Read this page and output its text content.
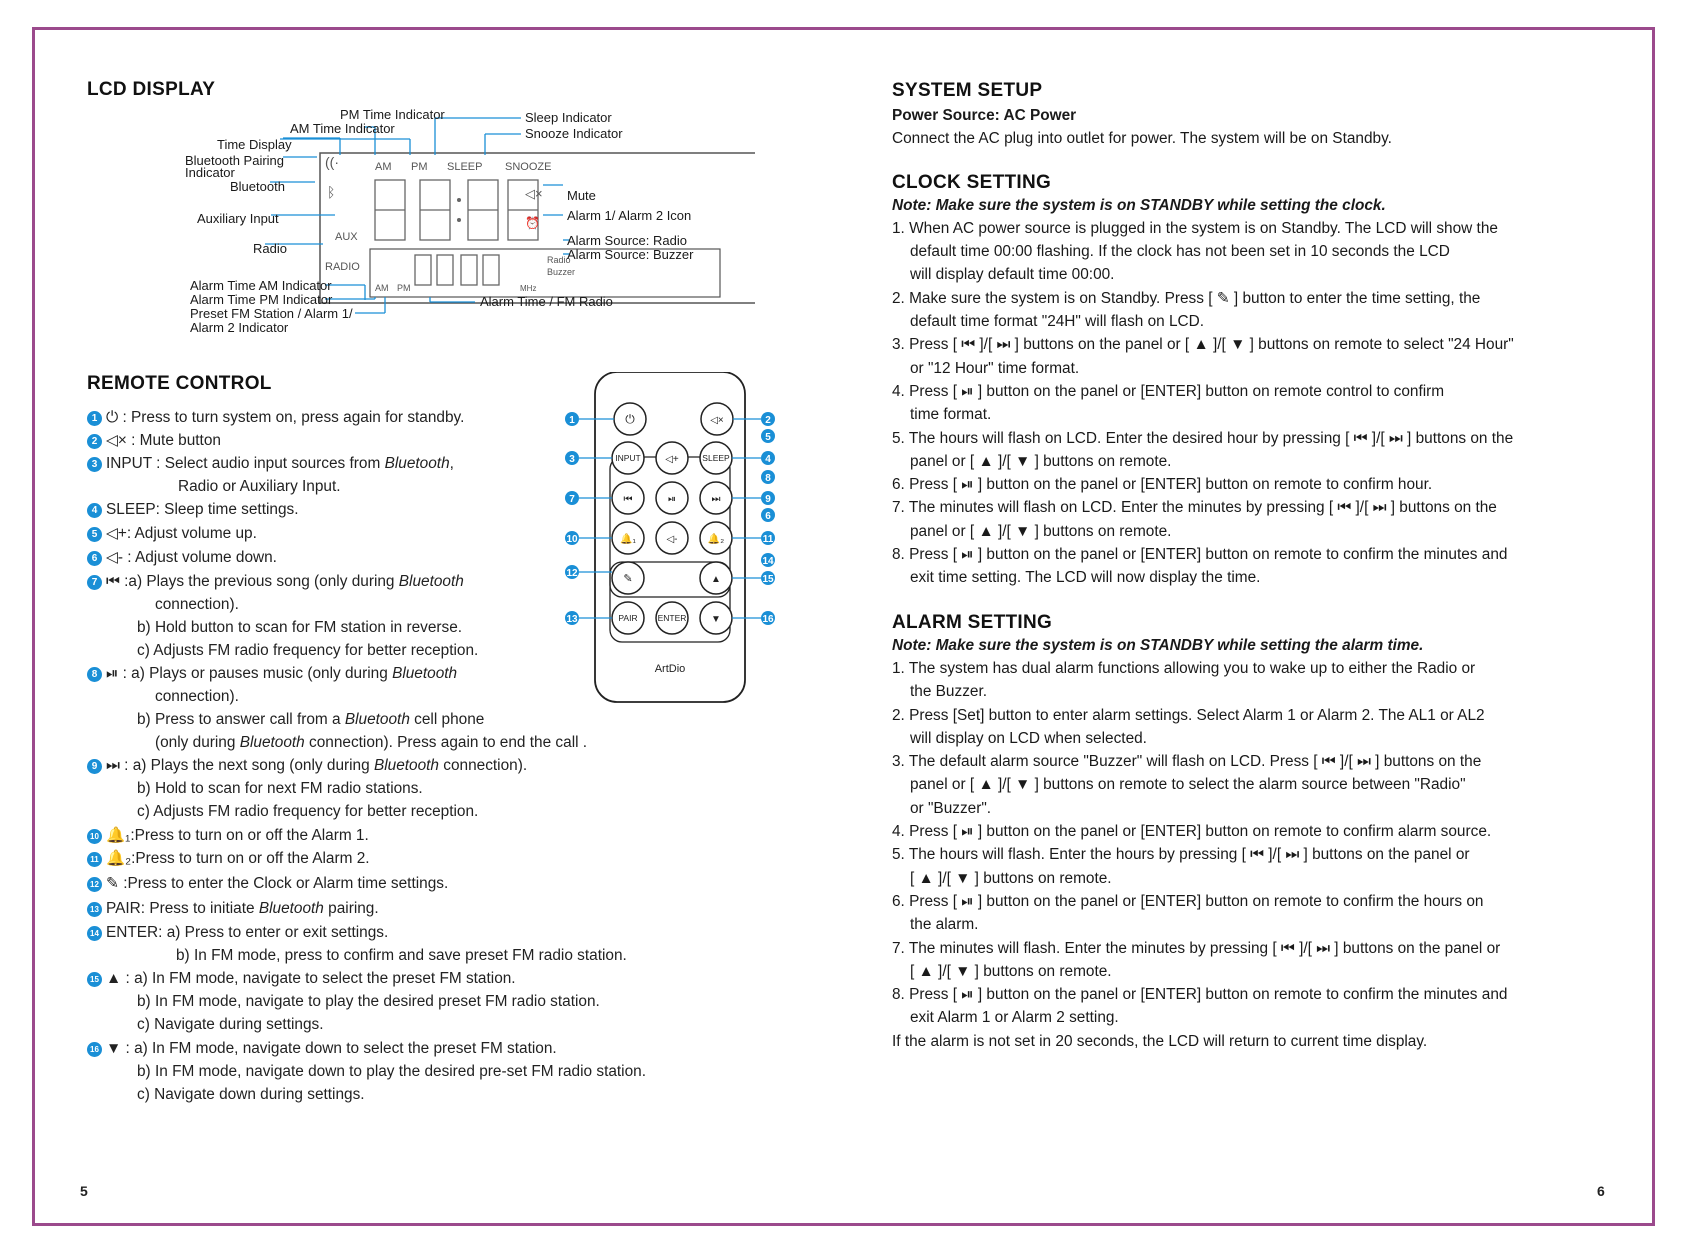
LCD DISPLAY
AM PM SLEEP SNOOZE
AUX
RADIO
Radio
Buzzer
MHz
AM PM
((·
ᛒ	◁×
⏰
PM Time Indicator
AM Time Indicator
Time Display
Bluetooth Pairing
Indicator
Bluetooth
Auxiliary Input
Radio
Sleep Indicator
Snooze Indicator
Mute
Alarm 1/ Alarm 2 Icon
Alarm Source: Radio
Alarm Source: Buzzer
Alarm Time AM Indicator
Alarm Time PM Indicator
Preset FM Station / Alarm 1/
Alarm 2 Indicator
Alarm Time / FM Radio
REMOTE CONTROL
⏻	◁×
INPUT ◁+	SLEEP
⏮	⏯	⏭
🔔₁	◁-	🔔₂
✎	▲
PAIR ENTER ▼
ArtDio
1	2
5
3	4
8
7	9
6
10	11
12
14
15
13	16
1 ⏻ : Press to turn system on, press again for standby.
2 ◁× : Mute button
3 INPUT : Select audio input sources from Bluetooth,
Radio or Auxiliary Input.
4 SLEEP: Sleep time settings.
5 ◁+: Adjust volume up.
6 ◁- : Adjust volume down.
7 ⏮ :a) Plays the previous song (only during Bluetooth
connection).
b) Hold button to scan for FM station in reverse.
c) Adjusts FM radio frequency for better reception.
8 ⏯ : a) Plays or pauses music (only during Bluetooth
connection).
b) Press to answer call from a Bluetooth cell phone
(only during Bluetooth connection). Press again to end the call .
9 ⏭ : a) Plays the next song (only during Bluetooth connection).
b) Hold to scan for next FM radio stations.
c) Adjusts FM radio frequency for better reception.
10 🔔₁:Press to turn on or off the Alarm 1.
11 🔔₂:Press to turn on or off the Alarm 2.
12 ✎ :Press to enter the Clock or Alarm time settings.
13 PAIR: Press to initiate Bluetooth pairing.
14 ENTER: a) Press to enter or exit settings.
b) In FM mode, press to confirm and save preset FM radio station.
15 ▲ : a) In FM mode, navigate to select the preset FM station.
b) In FM mode, navigate to play the desired preset FM radio station.
c) Navigate during settings.
16 ▼ : a) In FM mode, navigate down to select the preset FM station.
b) In FM mode, navigate down to play the desired pre-set FM radio station.
c) Navigate down during settings.
5
SYSTEM SETUP
Power Source: AC Power
Connect the AC plug into outlet for power. The system will be on Standby.
CLOCK SETTING
Note: Make sure the system is on STANDBY while setting the clock.
1. When AC power source is plugged in the system is on Standby. The LCD will show the
default time 00:00 flashing. If the clock has not been set in 10 seconds the LCD
will display default time 00:00.
2. Make sure the system is on Standby. Press [ ✎ ] button to enter the time setting, the
default time format "24H" will flash on LCD.
3. Press [ ⏮ ]/[ ⏭ ] buttons on the panel or [ ▲ ]/[ ▼ ] buttons on remote to select "24 Hour"
or "12 Hour" time format.
4. Press [ ⏯ ] button on the panel or [ENTER] button on remote control to confirm
time format.
5. The hours will flash on LCD. Enter the desired hour by pressing [ ⏮ ]/[ ⏭ ] buttons on the
panel or [ ▲ ]/[ ▼ ] buttons on remote.
6. Press [ ⏯ ] button on the panel or [ENTER] button on remote to confirm hour.
7. The minutes will flash on LCD. Enter the minutes by pressing [ ⏮ ]/[ ⏭ ] buttons on the
panel or [ ▲ ]/[ ▼ ] buttons on remote.
8. Press [ ⏯ ] button on the panel or [ENTER] button on remote to confirm the minutes and
exit time setting. The LCD will now display the time.
ALARM SETTING
Note: Make sure the system is on STANDBY while setting the alarm time.
1. The system has dual alarm functions allowing you to wake up to either the Radio or
the Buzzer.
2. Press [Set] button to enter alarm settings. Select Alarm 1 or Alarm 2. The AL1 or AL2
will display on LCD when selected.
3. The default alarm source "Buzzer" will flash on LCD. Press [ ⏮ ]/[ ⏭ ] buttons on the
panel or [ ▲ ]/[ ▼ ] buttons on remote to select the alarm source between "Radio"
or "Buzzer".
4. Press [ ⏯ ] button on the panel or [ENTER] button on remote to confirm alarm source.
5. The hours will flash. Enter the hours by pressing [ ⏮ ]/[ ⏭ ] buttons on the panel or
[ ▲ ]/[ ▼ ] buttons on remote.
6. Press [ ⏯ ] button on the panel or [ENTER] button on remote to confirm the hours on
the alarm.
7. The minutes will flash. Enter the minutes by pressing [ ⏮ ]/[ ⏭ ] buttons on the panel or
[ ▲ ]/[ ▼ ] buttons on remote.
8. Press [ ⏯ ] button on the panel or [ENTER] button on remote to confirm the minutes and
exit Alarm 1 or Alarm 2 setting.
If the alarm is not set in 20 seconds, the LCD will return to current time display.
6
